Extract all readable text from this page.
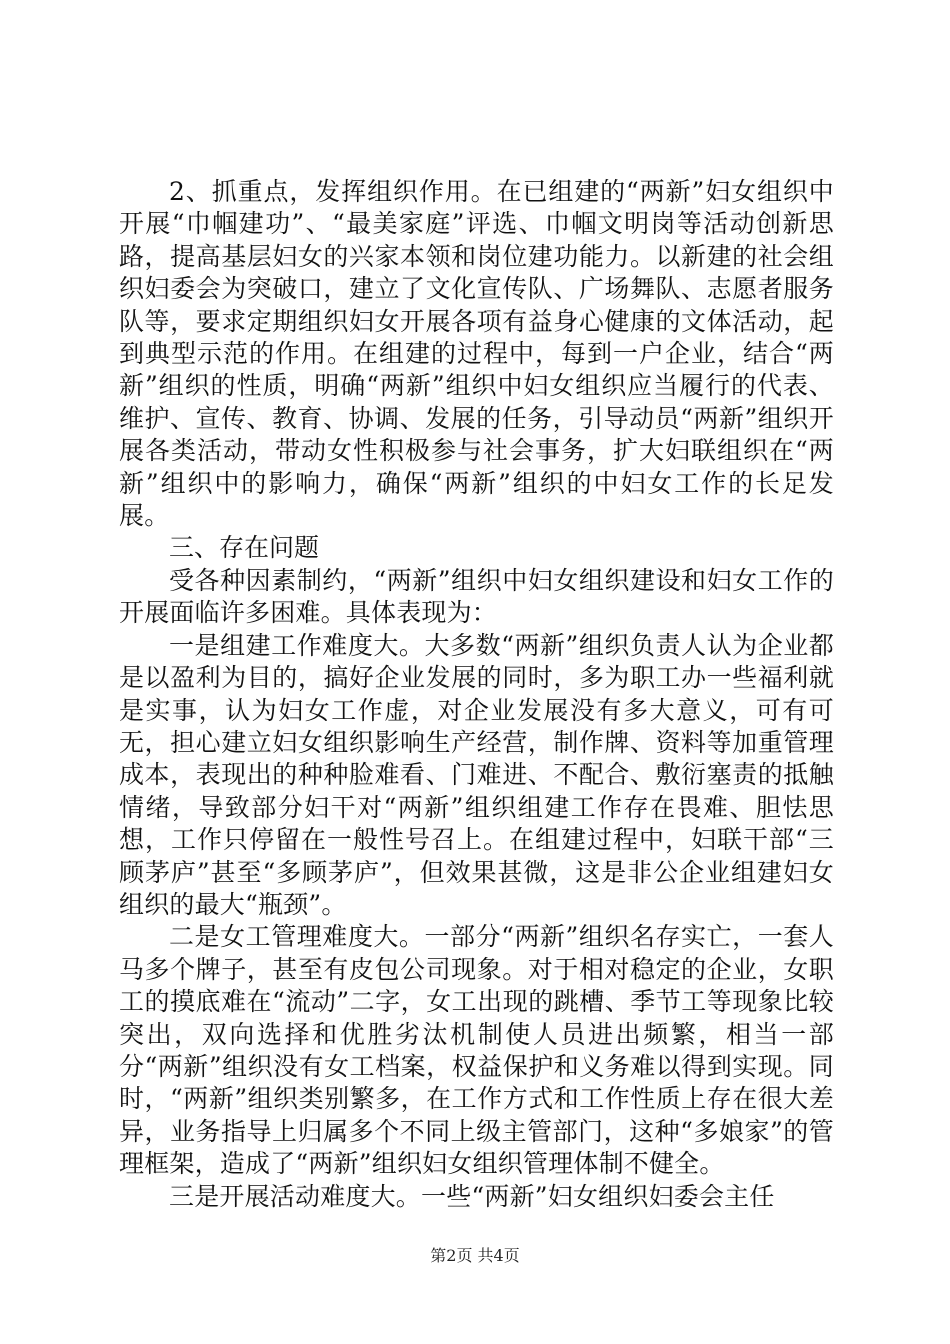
2、抓重点，发挥组织作用。在已组建的“两新”妇女组织中开展“巾帼建功”、“最美家庭”评选、巾帼文明岗等活动创新思路，提高基层妇女的兴家本领和岗位建功能力。以新建的社会组织妇委会为突破口，建立了文化宣传队、广场舞队、志愿者服务队等，要求定期组织妇女开展各项有益身心健康的文体活动，起到典型示范的作用。在组建的过程中，每到一户企业，结合“两新”组织的性质，明确“两新”组织中妇女组织应当履行的代表、维护、宣传、教育、协调、发展的任务，引导动员“两新”组织开展各类活动，带动女性积极参与社会事务，扩大妇联组织在“两新”组织中的影响力，确保“两新”组织的中妇女工作的长足发展。

三、存在问题

受各种因素制约，“两新”组织中妇女组织建设和妇女工作的开展面临许多困难。具体表现为：

一是组建工作难度大。大多数“两新”组织负责人认为企业都是以盈利为目的，搞好企业发展的同时，多为职工办一些福利就是实事，认为妇女工作虚，对企业发展没有多大意义，可有可无，担心建立妇女组织影响生产经营，制作牌、资料等加重管理成本，表现出的种种脸难看、门难进、不配合、敷衍塞责的抵触情绪，导致部分妇干对“两新”组织组建工作存在畏难、胆怯思想，工作只停留在一般性号召上。在组建过程中，妇联干部“三顾茅庐”甚至“多顾茅庐”，但效果甚微，这是非公企业组建妇女组织的最大“瓶颈”。

二是女工管理难度大。一部分“两新”组织名存实亡，一套人马多个牌子，甚至有皮包公司现象。对于相对稳定的企业，女职工的摸底难在“流动”二字，女工出现的跳槽、季节工等现象比较突出，双向选择和优胜劣汰机制使人员进出频繁，相当一部分“两新”组织没有女工档案，权益保护和义务难以得到实现。同时，“两新”组织类别繁多，在工作方式和工作性质上存在很大差异，业务指导上归属多个不同上级主管部门，这种“多娘家”的管理框架，造成了“两新”组织妇女组织管理体制不健全。

三是开展活动难度大。一些“两新”妇女组织妇委会主任

第2页 共4页
